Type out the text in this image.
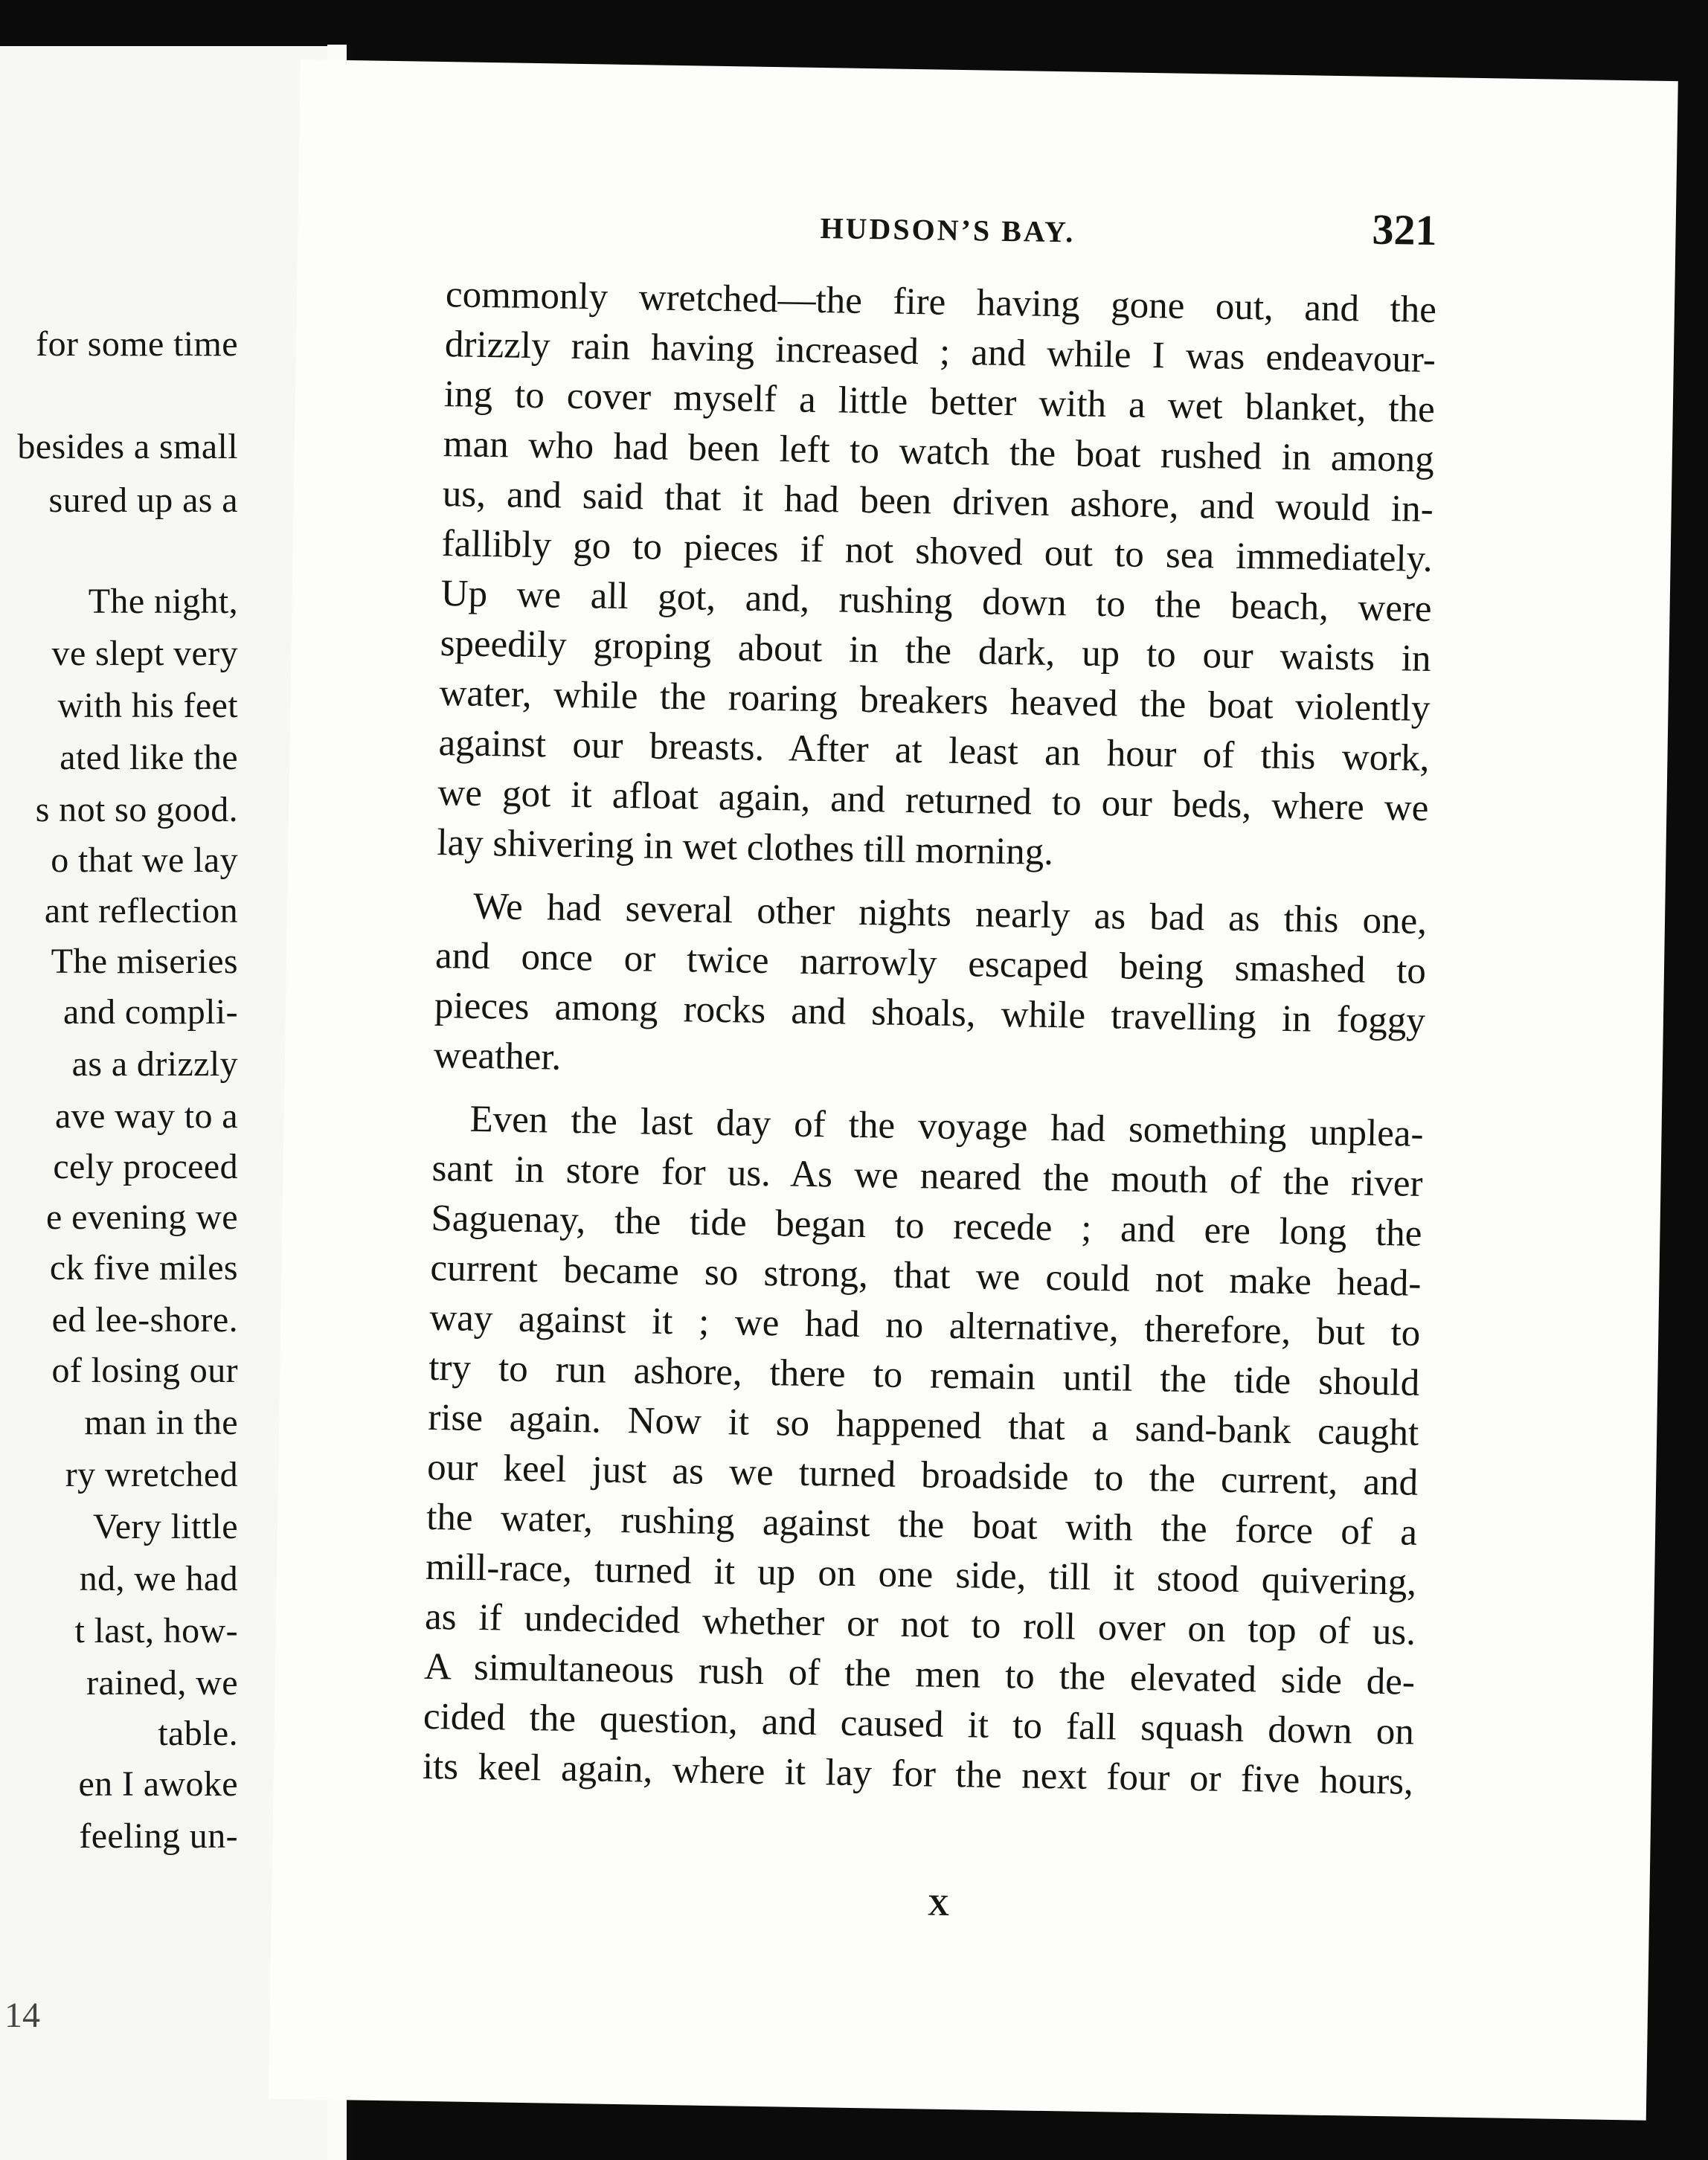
for some time
besides a small
sured up as a
The night,
ve slept very
with his feet
ated like the
s not so good.
o that we lay
ant reflection
The miseries
and compli-
as a drizzly
ave way to a
cely proceed
e evening we
ck five miles
ed lee-shore.
of losing our
man in the
ry wretched
Very little
nd, we had
t last, how-
rained, we
table.
en I awoke
feeling un-
14
HUDSON’S BAY.	321
commonly wretched—the fire having gone out, and the
drizzly rain having increased ; and while I was endeavour-
ing to cover myself a little better with a wet blanket, the
man who had been left to watch the boat rushed in among
us, and said that it had been driven ashore, and would in-
fallibly go to pieces if not shoved out to sea immediately.
Up we all got, and, rushing down to the beach, were
speedily groping about in the dark, up to our waists in
water, while the roaring breakers heaved the boat violently
against our breasts. After at least an hour of this work,
we got it afloat again, and returned to our beds, where we
lay shivering in wet clothes till morning.
We had several other nights nearly as bad as this one,
and once or twice narrowly escaped being smashed to
pieces among rocks and shoals, while travelling in foggy
weather.
Even the last day of the voyage had something unplea-
sant in store for us. As we neared the mouth of the river
Saguenay, the tide began to recede ; and ere long the
current became so strong, that we could not make head-
way against it ; we had no alternative, therefore, but to
try to run ashore, there to remain until the tide should
rise again. Now it so happened that a sand-bank caught
our keel just as we turned broadside to the current, and
the water, rushing against the boat with the force of a
mill-race, turned it up on one side, till it stood quivering,
as if undecided whether or not to roll over on top of us.
A simultaneous rush of the men to the elevated side de-
cided the question, and caused it to fall squash down on
its keel again, where it lay for the next four or five hours,
X
